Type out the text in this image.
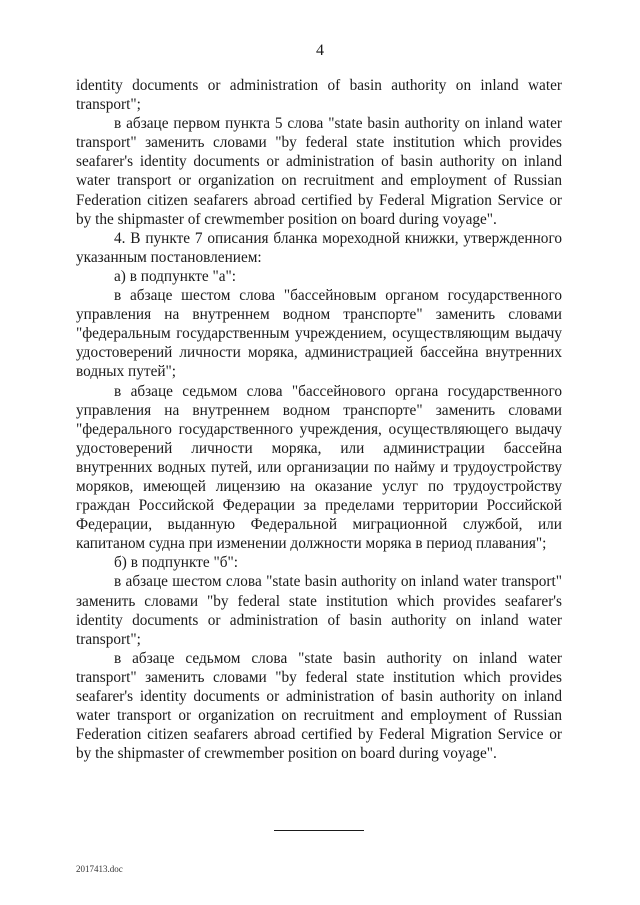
4

identity documents or administration of basin authority on inland water transport";

в абзаце первом пункта 5 слова "state basin authority on inland water transport" заменить словами "by federal state institution which provides seafarer's identity documents or administration of basin authority on inland water transport or organization on recruitment and employment of Russian Federation citizen seafarers abroad certified by Federal Migration Service or by the shipmaster of crewmember position on board during voyage".

4. В пункте 7 описания бланка мореходной книжки, утвержденного указанным постановлением:

а) в подпункте "а":

в абзаце шестом слова "бассейновым органом государственного управления на внутреннем водном транспорте" заменить словами "федеральным государственным учреждением, осуществляющим выдачу удостоверений личности моряка, администрацией бассейна внутренних водных путей";

в абзаце седьмом слова "бассейнового органа государственного управления на внутреннем водном транспорте" заменить словами "федерального государственного учреждения, осуществляющего выдачу удостоверений личности моряка, или администрации бассейна внутренних водных путей, или организации по найму и трудоустройству моряков, имеющей лицензию на оказание услуг по трудоустройству граждан Российской Федерации за пределами территории Российской Федерации, выданную Федеральной миграционной службой, или капитаном судна при изменении должности моряка в период плавания";

б) в подпункте "б":

в абзаце шестом слова "state basin authority on inland water transport" заменить словами "by federal state institution which provides seafarer's identity documents or administration of basin authority on inland water transport";

в абзаце седьмом слова "state basin authority on inland water transport" заменить словами "by federal state institution which provides seafarer's identity documents or administration of basin authority on inland water transport or organization on recruitment and employment of Russian Federation citizen seafarers abroad certified by Federal Migration Service or by the shipmaster of crewmember position on board during voyage".

2017413.doc
